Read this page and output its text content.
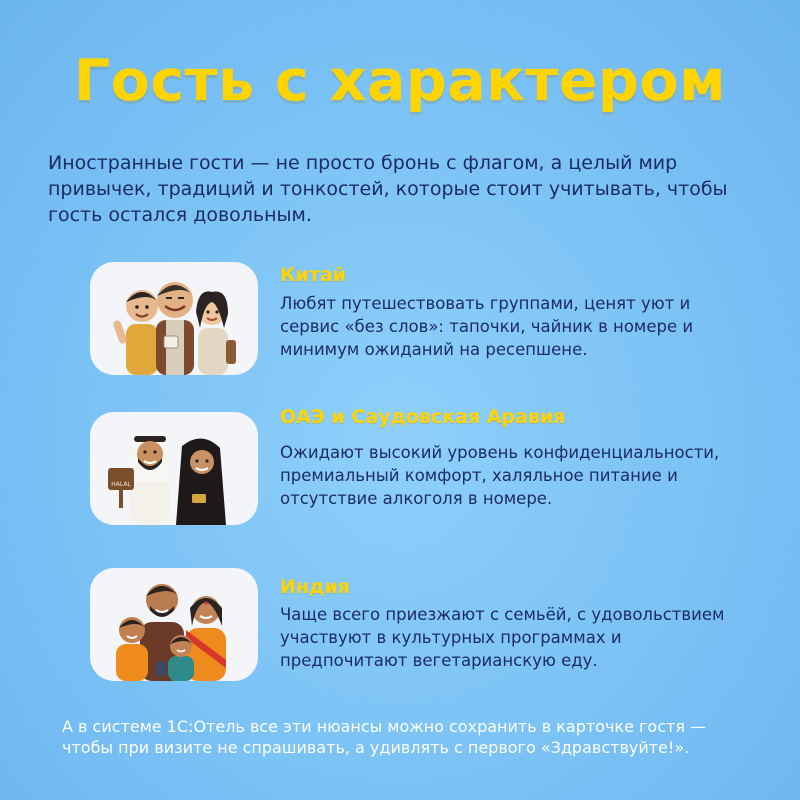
Гость с характером
Иностранные гости — не просто бронь с флагом, а целый мир привычек, традиций и тонкостей, которые стоит учитывать, чтобы гость остался довольным.
Китай
Любят путешествовать группами, ценят уют и сервис «без слов»: тапочки, чайник в номере и минимум ожиданий на ресепшене.
HALAL
ОАЭ и Саудовская Аравия
Ожидают высокий уровень конфиденциальности, премиальный комфорт, халяльное питание и отсутствие алкоголя в номере.
Индия
Чаще всего приезжают с семьёй, с удовольствием участвуют в культурных программах и предпочитают вегетарианскую еду.
А в системе 1С:Отель все эти нюансы можно сохранить в карточке гостя — чтобы при визите не спрашивать, а удивлять с первого «Здравствуйте!».
